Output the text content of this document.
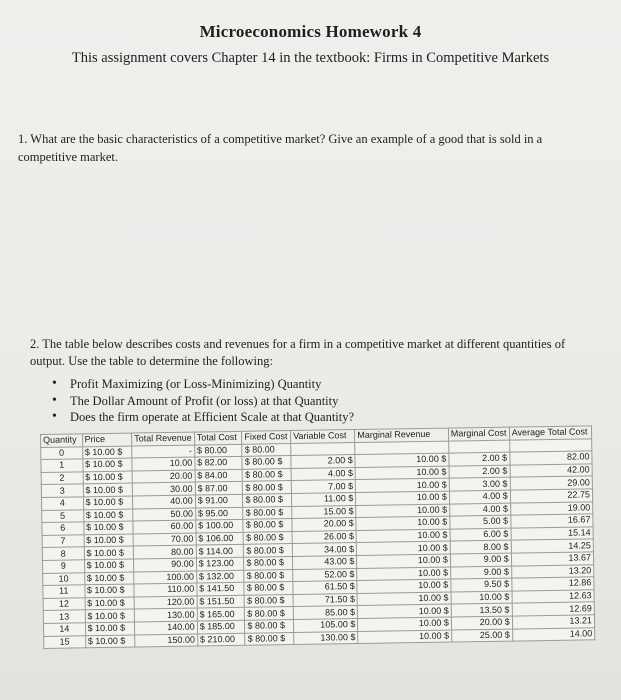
Microeconomics Homework 4
This assignment covers Chapter 14 in the textbook: Firms in Competitive Markets
1. What are the basic characteristics of a competitive market? Give an example of a good that is sold in a competitive market.
2. The table below describes costs and revenues for a firm in a competitive market at different quantities of output. Use the table to determine the following:
• Profit Maximizing (or Loss-Minimizing) Quantity
• The Dollar Amount of Profit (or loss) at that Quantity
• Does the firm operate at Efficient Scale at that Quantity?
Quantity	Price	Total Revenue	Total Cost	Fixed Cost	Variable Cost	Marginal Revenue	Marginal Cost	Average Total Cost
0	$ 10.00 $	-	$ 80.00	$ 80.00				
1	$ 10.00 $	10.00	$ 82.00	$ 80.00 $	2.00 $	10.00 $	2.00 $	82.00
2	$ 10.00 $	20.00	$ 84.00	$ 80.00 $	4.00 $	10.00 $	2.00 $	42.00
3	$ 10.00 $	30.00	$ 87.00	$ 80.00 $	7.00 $	10.00 $	3.00 $	29.00
4	$ 10.00 $	40.00	$ 91.00	$ 80.00 $	11.00 $	10.00 $	4.00 $	22.75
5	$ 10.00 $	50.00	$ 95.00	$ 80.00 $	15.00 $	10.00 $	4.00 $	19.00
6	$ 10.00 $	60.00	$ 100.00	$ 80.00 $	20.00 $	10.00 $	5.00 $	16.67
7	$ 10.00 $	70.00	$ 106.00	$ 80.00 $	26.00 $	10.00 $	6.00 $	15.14
8	$ 10.00 $	80.00	$ 114.00	$ 80.00 $	34.00 $	10.00 $	8.00 $	14.25
9	$ 10.00 $	90.00	$ 123.00	$ 80.00 $	43.00 $	10.00 $	9.00 $	13.67
10	$ 10.00 $	100.00	$ 132.00	$ 80.00 $	52.00 $	10.00 $	9.00 $	13.20
11	$ 10.00 $	110.00	$ 141.50	$ 80.00 $	61.50 $	10.00 $	9.50 $	12.86
12	$ 10.00 $	120.00	$ 151.50	$ 80.00 $	71.50 $	10.00 $	10.00 $	12.63
13	$ 10.00 $	130.00	$ 165.00	$ 80.00 $	85.00 $	10.00 $	13.50 $	12.69
14	$ 10.00 $	140.00	$ 185.00	$ 80.00 $	105.00 $	10.00 $	20.00 $	13.21
15	$ 10.00 $	150.00	$ 210.00	$ 80.00 $	130.00 $	10.00 $	25.00 $	14.00
